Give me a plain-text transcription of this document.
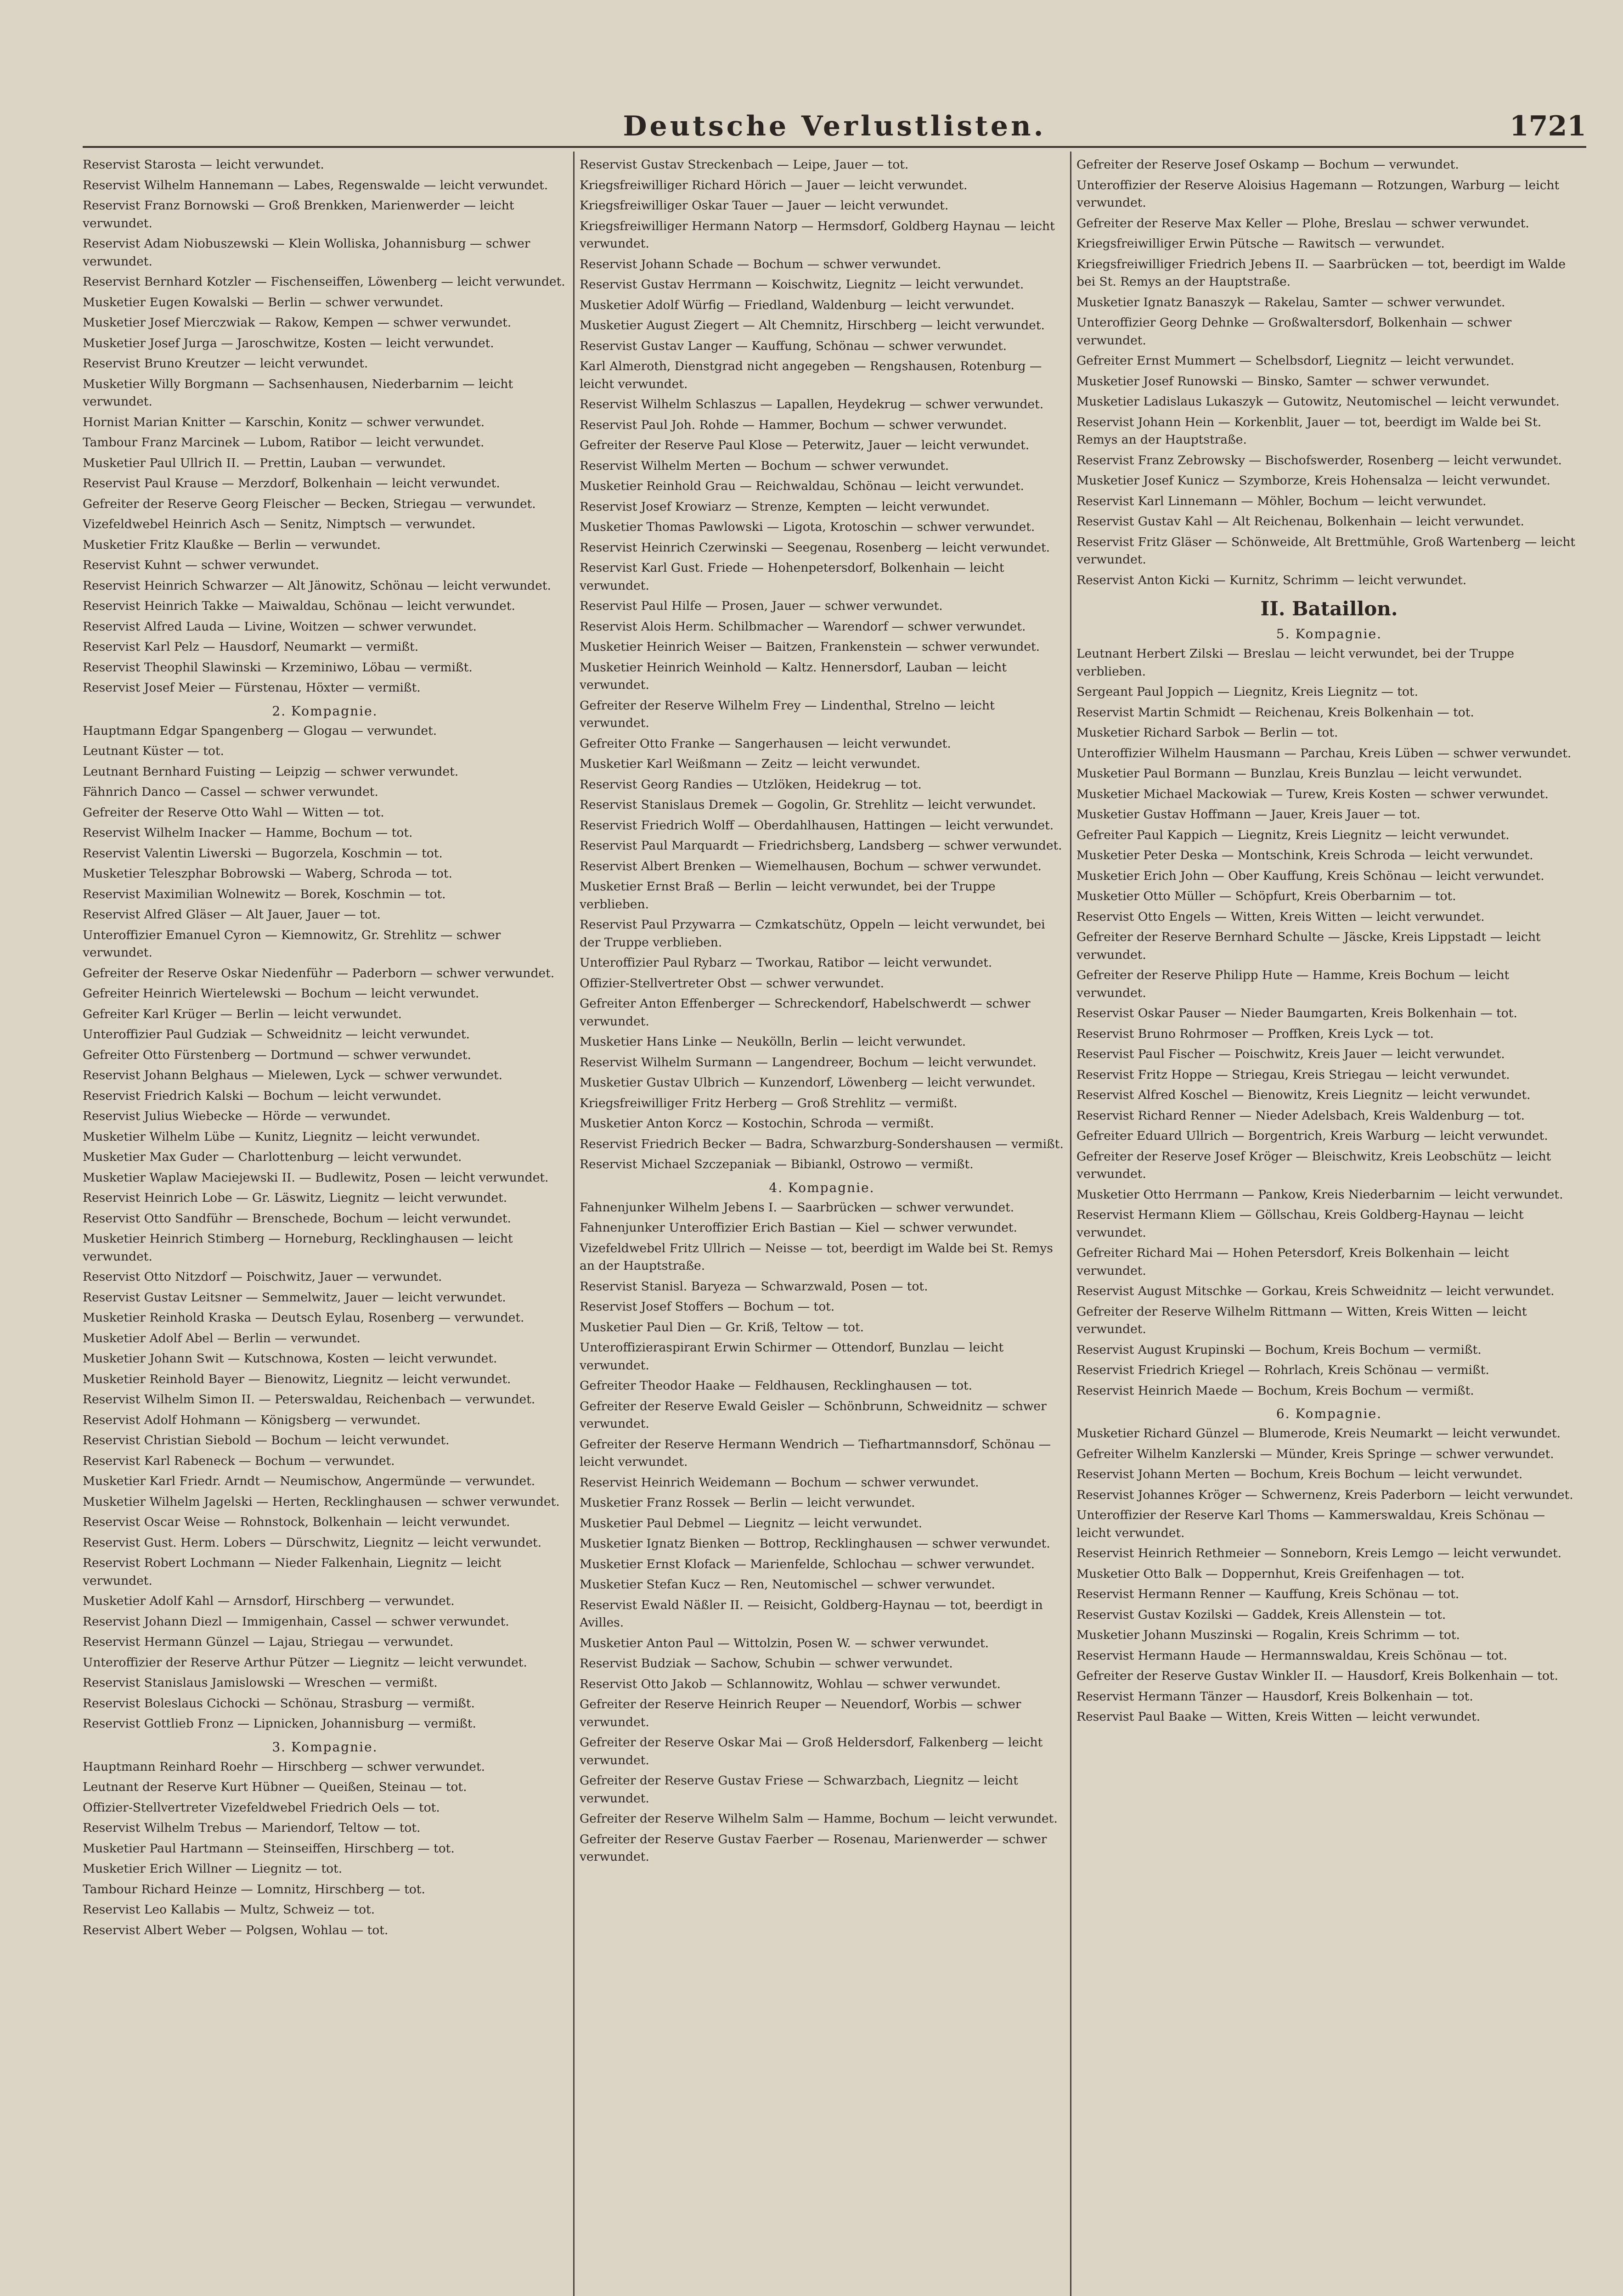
Deutsche Verlustlisten.	1721

Reservist Starosta — leicht verwundet.

Reservist Wilhelm Hannemann — Labes, Regenswalde — leicht verwundet.

Reservist Franz Bornowski — Groß Brenkken, Marienwerder — leicht verwundet.

Reservist Adam Niobuszewski — Klein Wolliska, Johannisburg — schwer verwundet.

Reservist Bernhard Kotzler — Fischenseiffen, Löwenberg — leicht verwundet.

Musketier Eugen Kowalski — Berlin — schwer verwundet.

Musketier Josef Mierczwiak — Rakow, Kempen — schwer verwundet.

Musketier Josef Jurga — Jaroschwitze, Kosten — leicht verwundet.

Reservist Bruno Kreutzer — leicht verwundet.

Musketier Willy Borgmann — Sachsenhausen, Niederbarnim — leicht verwundet.

Hornist Marian Knitter — Karschin, Konitz — schwer verwundet.

Tambour Franz Marcinek — Lubom, Ratibor — leicht verwundet.

Musketier Paul Ullrich II. — Prettin, Lauban — verwundet.

Reservist Paul Krause — Merzdorf, Bolkenhain — leicht verwundet.

Gefreiter der Reserve Georg Fleischer — Becken, Striegau — verwundet.

Vizefeldwebel Heinrich Asch — Senitz, Nimptsch — verwundet.

Musketier Fritz Klaußke — Berlin — verwundet.

Reservist Kuhnt — schwer verwundet.

Reservist Heinrich Schwarzer — Alt Jänowitz, Schönau — leicht verwundet.

Reservist Heinrich Takke — Maiwaldau, Schönau — leicht verwundet.

Reservist Alfred Lauda — Livine, Woitzen — schwer verwundet.

Reservist Karl Pelz — Hausdorf, Neumarkt — vermißt.

Reservist Theophil Slawinski — Krzeminiwo, Löbau — vermißt.

Reservist Josef Meier — Fürstenau, Höxter — vermißt.

2. Kompagnie.

Hauptmann Edgar Spangenberg — Glogau — verwundet.

Leutnant Küster — tot.

Leutnant Bernhard Fuisting — Leipzig — schwer verwundet.

Fähnrich Danco — Cassel — schwer verwundet.

Gefreiter der Reserve Otto Wahl — Witten — tot.

Reservist Wilhelm Inacker — Hamme, Bochum — tot.

Reservist Valentin Liwerski — Bugorzela, Koschmin — tot.

Musketier Teleszphar Bobrowski — Waberg, Schroda — tot.

Reservist Maximilian Wolnewitz — Borek, Koschmin — tot.

Reservist Alfred Gläser — Alt Jauer, Jauer — tot.

Unteroffizier Emanuel Cyron — Kiemnowitz, Gr. Strehlitz — schwer verwundet.

Gefreiter der Reserve Oskar Niedenführ — Paderborn — schwer verwundet.

Gefreiter Heinrich Wiertelewski — Bochum — leicht verwundet.

Gefreiter Karl Krüger — Berlin — leicht verwundet.

Unteroffizier Paul Gudziak — Schweidnitz — leicht verwundet.

Gefreiter Otto Fürstenberg — Dortmund — schwer verwundet.

Reservist Johann Belghaus — Mielewen, Lyck — schwer verwundet.

Reservist Friedrich Kalski — Bochum — leicht verwundet.

Reservist Julius Wiebecke — Hörde — verwundet.

Musketier Wilhelm Lübe — Kunitz, Liegnitz — leicht verwundet.

Musketier Max Guder — Charlottenburg — leicht verwundet.

Musketier Waplaw Maciejewski II. — Budlewitz, Posen — leicht verwundet.

Reservist Heinrich Lobe — Gr. Läswitz, Liegnitz — leicht verwundet.

Reservist Otto Sandführ — Brenschede, Bochum — leicht verwundet.

Musketier Heinrich Stimberg — Horneburg, Recklinghausen — leicht verwundet.

Reservist Otto Nitzdorf — Poischwitz, Jauer — verwundet.

Reservist Gustav Leitsner — Semmelwitz, Jauer — leicht verwundet.

Musketier Reinhold Kraska — Deutsch Eylau, Rosenberg — verwundet.

Musketier Adolf Abel — Berlin — verwundet.

Musketier Johann Swit — Kutschnowa, Kosten — leicht verwundet.

Musketier Reinhold Bayer — Bienowitz, Liegnitz — leicht verwundet.

Reservist Wilhelm Simon II. — Peterswaldau, Reichenbach — verwundet.

Reservist Adolf Hohmann — Königsberg — verwundet.

Reservist Christian Siebold — Bochum — leicht verwundet.

Reservist Karl Rabeneck — Bochum — verwundet.

Musketier Karl Friedr. Arndt — Neumischow, Angermünde — verwundet.

Musketier Wilhelm Jagelski — Herten, Recklinghausen — schwer verwundet.

Reservist Oscar Weise — Rohnstock, Bolkenhain — leicht verwundet.

Reservist Gust. Herm. Lobers — Dürschwitz, Liegnitz — leicht verwundet.

Reservist Robert Lochmann — Nieder Falkenhain, Liegnitz — leicht verwundet.

Musketier Adolf Kahl — Arnsdorf, Hirschberg — verwundet.

Reservist Johann Diezl — Immigenhain, Cassel — schwer verwundet.

Reservist Hermann Günzel — Lajau, Striegau — verwundet.

Unteroffizier der Reserve Arthur Pützer — Liegnitz — leicht verwundet.

Reservist Stanislaus Jamislowski — Wreschen — vermißt.

Reservist Boleslaus Cichocki — Schönau, Strasburg — vermißt.

Reservist Gottlieb Fronz — Lipnicken, Johannisburg — vermißt.

3. Kompagnie.

Hauptmann Reinhard Roehr — Hirschberg — schwer verwundet.

Leutnant der Reserve Kurt Hübner — Queißen, Steinau — tot.

Offizier-Stellvertreter Vizefeldwebel Friedrich Oels — tot.

Reservist Wilhelm Trebus — Mariendorf, Teltow — tot.

Musketier Paul Hartmann — Steinseiffen, Hirschberg — tot.

Musketier Erich Willner — Liegnitz — tot.

Tambour Richard Heinze — Lomnitz, Hirschberg — tot.

Reservist Leo Kallabis — Multz, Schweiz — tot.

Reservist Albert Weber — Polgsen, Wohlau — tot.

Reservist Gustav Streckenbach — Leipe, Jauer — tot.

Kriegsfreiwilliger Richard Hörich — Jauer — leicht verwundet.

Kriegsfreiwilliger Oskar Tauer — Jauer — leicht verwundet.

Kriegsfreiwilliger Hermann Natorp — Hermsdorf, Goldberg Haynau — leicht verwundet.

Reservist Johann Schade — Bochum — schwer verwundet.

Reservist Gustav Herrmann — Koischwitz, Liegnitz — leicht verwundet.

Musketier Adolf Würfig — Friedland, Waldenburg — leicht verwundet.

Musketier August Ziegert — Alt Chemnitz, Hirschberg — leicht verwundet.

Reservist Gustav Langer — Kauffung, Schönau — schwer verwundet.

Karl Almeroth, Dienstgrad nicht angegeben — Rengshausen, Rotenburg — leicht verwundet.

Reservist Wilhelm Schlaszus — Lapallen, Heydekrug — schwer verwundet.

Reservist Paul Joh. Rohde — Hammer, Bochum — schwer verwundet.

Gefreiter der Reserve Paul Klose — Peterwitz, Jauer — leicht verwundet.

Reservist Wilhelm Merten — Bochum — schwer verwundet.

Musketier Reinhold Grau — Reichwaldau, Schönau — leicht verwundet.

Reservist Josef Krowiarz — Strenze, Kempten — leicht verwundet.

Musketier Thomas Pawlowski — Ligota, Krotoschin — schwer verwundet.

Reservist Heinrich Czerwinski — Seegenau, Rosenberg — leicht verwundet.

Reservist Karl Gust. Friede — Hohenpetersdorf, Bolkenhain — leicht verwundet.

Reservist Paul Hilfe — Prosen, Jauer — schwer verwundet.

Reservist Alois Herm. Schilbmacher — Warendorf — schwer verwundet.

Musketier Heinrich Weiser — Baitzen, Frankenstein — schwer verwundet.

Musketier Heinrich Weinhold — Kaltz. Hennersdorf, Lauban — leicht verwundet.

Gefreiter der Reserve Wilhelm Frey — Lindenthal, Strelno — leicht verwundet.

Gefreiter Otto Franke — Sangerhausen — leicht verwundet.

Musketier Karl Weißmann — Zeitz — leicht verwundet.

Reservist Georg Randies — Utzlöken, Heidekrug — tot.

Reservist Stanislaus Dremek — Gogolin, Gr. Strehlitz — leicht verwundet.

Reservist Friedrich Wolff — Oberdahlhausen, Hattingen — leicht verwundet.

Reservist Paul Marquardt — Friedrichsberg, Landsberg — schwer verwundet.

Reservist Albert Brenken — Wiemelhausen, Bochum — schwer verwundet.

Musketier Ernst Braß — Berlin — leicht verwundet, bei der Truppe verblieben.

Reservist Paul Przywarra — Czmkatschütz, Oppeln — leicht verwundet, bei der Truppe verblieben.

Unteroffizier Paul Rybarz — Tworkau, Ratibor — leicht verwundet.

Offizier-Stellvertreter Obst — schwer verwundet.

Gefreiter Anton Effenberger — Schreckendorf, Habelschwerdt — schwer verwundet.

Musketier Hans Linke — Neukölln, Berlin — leicht verwundet.

Reservist Wilhelm Surmann — Langendreer, Bochum — leicht verwundet.

Musketier Gustav Ulbrich — Kunzendorf, Löwenberg — leicht verwundet.

Kriegsfreiwilliger Fritz Herberg — Groß Strehlitz — vermißt.

Musketier Anton Korcz — Kostochin, Schroda — vermißt.

Reservist Friedrich Becker — Badra, Schwarzburg-Sondershausen — vermißt.

Reservist Michael Szczepaniak — Bibiankl, Ostrowo — vermißt.

4. Kompagnie.

Fahnenjunker Wilhelm Jebens I. — Saarbrücken — schwer verwundet.

Fahnenjunker Unteroffizier Erich Bastian — Kiel — schwer verwundet.

Vizefeldwebel Fritz Ullrich — Neisse — tot, beerdigt im Walde bei St. Remys an der Hauptstraße.

Reservist Stanisl. Baryeza — Schwarzwald, Posen — tot.

Reservist Josef Stoffers — Bochum — tot.

Musketier Paul Dien — Gr. Kriß, Teltow — tot.

Unteroffizieraspirant Erwin Schirmer — Ottendorf, Bunzlau — leicht verwundet.

Gefreiter Theodor Haake — Feldhausen, Recklinghausen — tot.

Gefreiter der Reserve Ewald Geisler — Schönbrunn, Schweidnitz — schwer verwundet.

Gefreiter der Reserve Hermann Wendrich — Tiefhartmannsdorf, Schönau — leicht verwundet.

Reservist Heinrich Weidemann — Bochum — schwer verwundet.

Musketier Franz Rossek — Berlin — leicht verwundet.

Musketier Paul Debmel — Liegnitz — leicht verwundet.

Musketier Ignatz Bienken — Bottrop, Recklinghausen — schwer verwundet.

Musketier Ernst Klofack — Marienfelde, Schlochau — schwer verwundet.

Musketier Stefan Kucz — Ren, Neutomischel — schwer verwundet.

Reservist Ewald Näßler II. — Reisicht, Goldberg-Haynau — tot, beerdigt in Avilles.

Musketier Anton Paul — Wittolzin, Posen W. — schwer verwundet.

Reservist Budziak — Sachow, Schubin — schwer verwundet.

Reservist Otto Jakob — Schlannowitz, Wohlau — schwer verwundet.

Gefreiter der Reserve Heinrich Reuper — Neuendorf, Worbis — schwer verwundet.

Gefreiter der Reserve Oskar Mai — Groß Heldersdorf, Falkenberg — leicht verwundet.

Gefreiter der Reserve Gustav Friese — Schwarzbach, Liegnitz — leicht verwundet.

Gefreiter der Reserve Wilhelm Salm — Hamme, Bochum — leicht verwundet.

Gefreiter der Reserve Gustav Faerber — Rosenau, Marienwerder — schwer verwundet.

Gefreiter der Reserve Josef Oskamp — Bochum — verwundet.

Unteroffizier der Reserve Aloisius Hagemann — Rotzungen, Warburg — leicht verwundet.

Gefreiter der Reserve Max Keller — Plohe, Breslau — schwer verwundet.

Kriegsfreiwilliger Erwin Pütsche — Rawitsch — verwundet.

Kriegsfreiwilliger Friedrich Jebens II. — Saarbrücken — tot, beerdigt im Walde bei St. Remys an der Hauptstraße.

Musketier Ignatz Banaszyk — Rakelau, Samter — schwer verwundet.

Unteroffizier Georg Dehnke — Großwaltersdorf, Bolkenhain — schwer verwundet.

Gefreiter Ernst Mummert — Schelbsdorf, Liegnitz — leicht verwundet.

Musketier Josef Runowski — Binsko, Samter — schwer verwundet.

Musketier Ladislaus Lukaszyk — Gutowitz, Neutomischel — leicht verwundet.

Reservist Johann Hein — Korkenblit, Jauer — tot, beerdigt im Walde bei St. Remys an der Hauptstraße.

Reservist Franz Zebrowsky — Bischofswerder, Rosenberg — leicht verwundet.

Musketier Josef Kunicz — Szymborze, Kreis Hohensalza — leicht verwundet.

Reservist Karl Linnemann — Möhler, Bochum — leicht verwundet.

Reservist Gustav Kahl — Alt Reichenau, Bolkenhain — leicht verwundet.

Reservist Fritz Gläser — Schönweide, Alt Brettmühle, Groß Wartenberg — leicht verwundet.

Reservist Anton Kicki — Kurnitz, Schrimm — leicht verwundet.

II. Bataillon.
5. Kompagnie.

Leutnant Herbert Zilski — Breslau — leicht verwundet, bei der Truppe verblieben.

Sergeant Paul Joppich — Liegnitz, Kreis Liegnitz — tot.

Reservist Martin Schmidt — Reichenau, Kreis Bolkenhain — tot.

Musketier Richard Sarbok — Berlin — tot.

Unteroffizier Wilhelm Hausmann — Parchau, Kreis Lüben — schwer verwundet.

Musketier Paul Bormann — Bunzlau, Kreis Bunzlau — leicht verwundet.

Musketier Michael Mackowiak — Turew, Kreis Kosten — schwer verwundet.

Musketier Gustav Hoffmann — Jauer, Kreis Jauer — tot.

Gefreiter Paul Kappich — Liegnitz, Kreis Liegnitz — leicht verwundet.

Musketier Peter Deska — Montschink, Kreis Schroda — leicht verwundet.

Musketier Erich John — Ober Kauffung, Kreis Schönau — leicht verwundet.

Musketier Otto Müller — Schöpfurt, Kreis Oberbarnim — tot.

Reservist Otto Engels — Witten, Kreis Witten — leicht verwundet.

Gefreiter der Reserve Bernhard Schulte — Jäscke, Kreis Lippstadt — leicht verwundet.

Gefreiter der Reserve Philipp Hute — Hamme, Kreis Bochum — leicht verwundet.

Reservist Oskar Pauser — Nieder Baumgarten, Kreis Bolkenhain — tot.

Reservist Bruno Rohrmoser — Proffken, Kreis Lyck — tot.

Reservist Paul Fischer — Poischwitz, Kreis Jauer — leicht verwundet.

Reservist Fritz Hoppe — Striegau, Kreis Striegau — leicht verwundet.

Reservist Alfred Koschel — Bienowitz, Kreis Liegnitz — leicht verwundet.

Reservist Richard Renner — Nieder Adelsbach, Kreis Waldenburg — tot.

Gefreiter Eduard Ullrich — Borgentrich, Kreis Warburg — leicht verwundet.

Gefreiter der Reserve Josef Kröger — Bleischwitz, Kreis Leobschütz — leicht verwundet.

Musketier Otto Herrmann — Pankow, Kreis Niederbarnim — leicht verwundet.

Reservist Hermann Kliem — Göllschau, Kreis Goldberg-Haynau — leicht verwundet.

Gefreiter Richard Mai — Hohen Petersdorf, Kreis Bolkenhain — leicht verwundet.

Reservist August Mitschke — Gorkau, Kreis Schweidnitz — leicht verwundet.

Gefreiter der Reserve Wilhelm Rittmann — Witten, Kreis Witten — leicht verwundet.

Reservist August Krupinski — Bochum, Kreis Bochum — vermißt.

Reservist Friedrich Kriegel — Rohrlach, Kreis Schönau — vermißt.

Reservist Heinrich Maede — Bochum, Kreis Bochum — vermißt.

6. Kompagnie.

Musketier Richard Günzel — Blumerode, Kreis Neumarkt — leicht verwundet.

Gefreiter Wilhelm Kanzlerski — Münder, Kreis Springe — schwer verwundet.

Reservist Johann Merten — Bochum, Kreis Bochum — leicht verwundet.

Reservist Johannes Kröger — Schwernenz, Kreis Paderborn — leicht verwundet.

Unteroffizier der Reserve Karl Thoms — Kammerswaldau, Kreis Schönau — leicht verwundet.

Reservist Heinrich Rethmeier — Sonneborn, Kreis Lemgo — leicht verwundet.

Musketier Otto Balk — Doppernhut, Kreis Greifenhagen — tot.

Reservist Hermann Renner — Kauffung, Kreis Schönau — tot.

Reservist Gustav Kozilski — Gaddek, Kreis Allenstein — tot.

Musketier Johann Muszinski — Rogalin, Kreis Schrimm — tot.

Reservist Hermann Haude — Hermannswaldau, Kreis Schönau — tot.

Gefreiter der Reserve Gustav Winkler II. — Hausdorf, Kreis Bolkenhain — tot.

Reservist Hermann Tänzer — Hausdorf, Kreis Bolkenhain — tot.

Reservist Paul Baake — Witten, Kreis Witten — leicht verwundet.
